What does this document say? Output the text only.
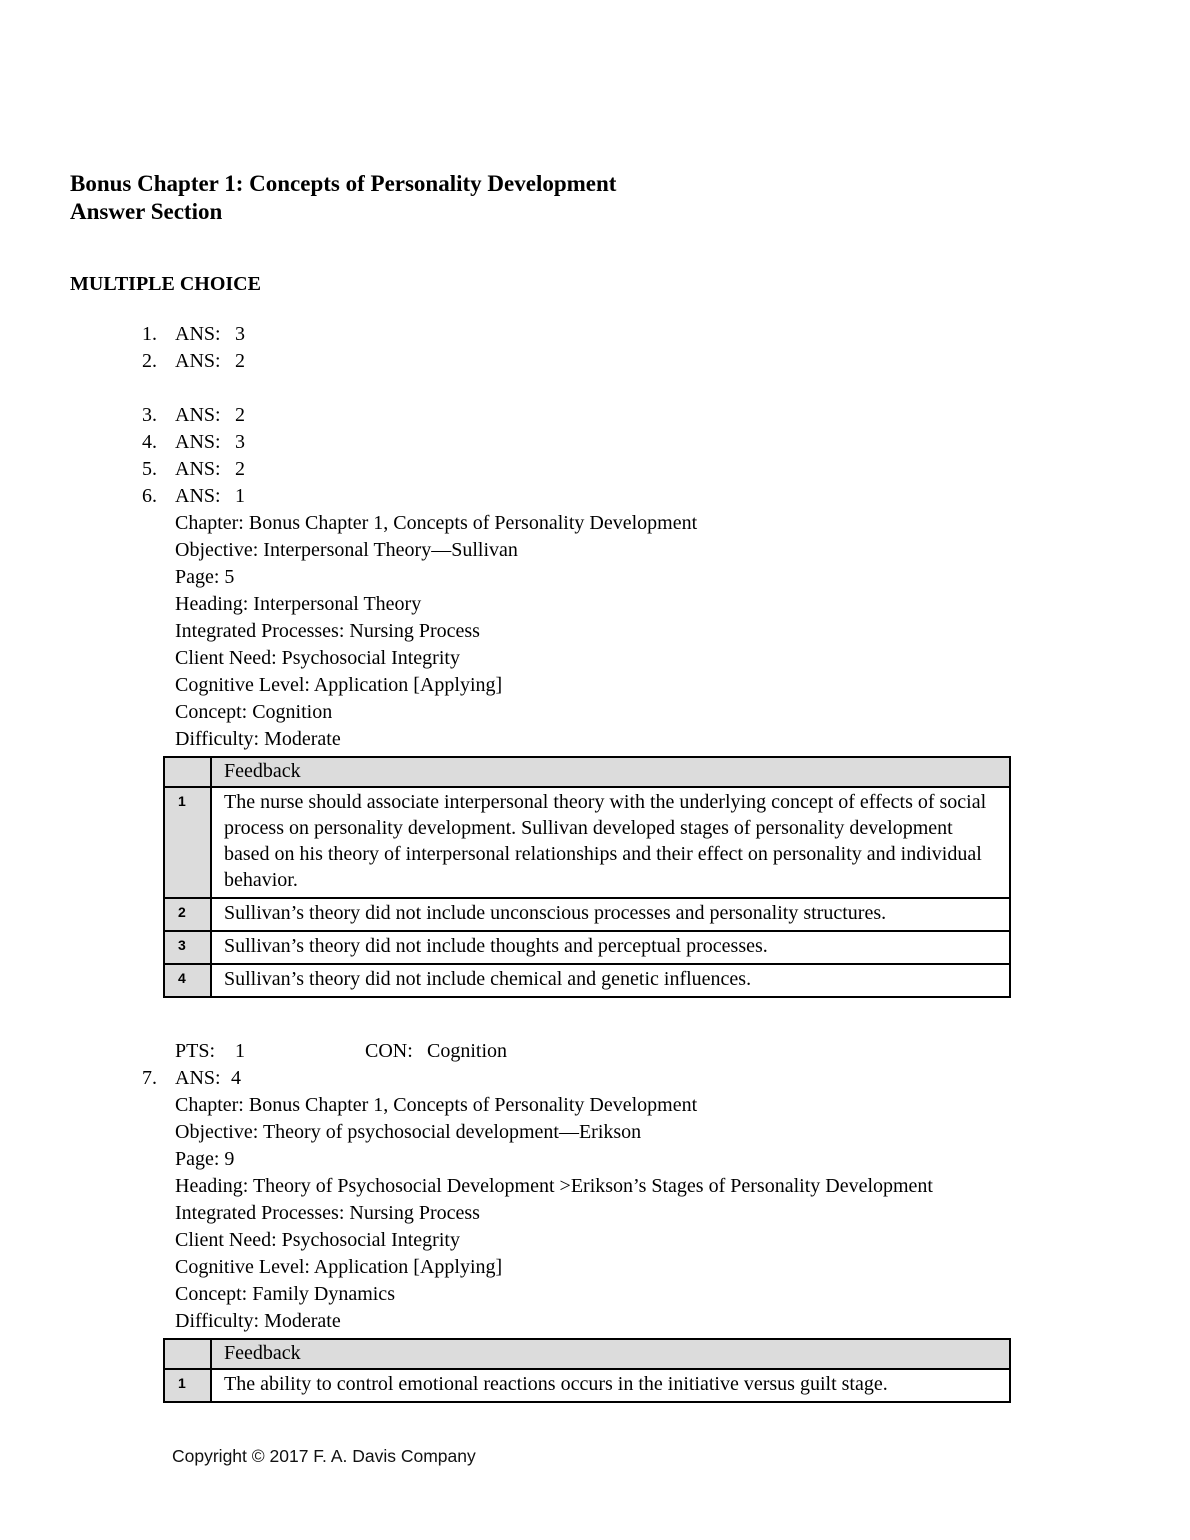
Bonus Chapter 1: Concepts of Personality Development
Answer Section
MULTIPLE CHOICE
1. ANS: 3
2. ANS: 2
3. ANS: 2
4. ANS: 3
5. ANS: 2
6. ANS: 1
Chapter: Bonus Chapter 1, Concepts of Personality Development
Objective: Interpersonal Theory—Sullivan
Page: 5
Heading: Interpersonal Theory
Integrated Processes: Nursing Process
Client Need: Psychosocial Integrity
Cognitive Level: Application [Applying]
Concept: Cognition
Difficulty: Moderate
	Feedback
1	The nurse should associate interpersonal theory with the underlying concept of effects of social process on personality development. Sullivan developed stages of personality development based on his theory of interpersonal relationships and their effect on personality and individual behavior.
2	Sullivan’s theory did not include unconscious processes and personality structures.
3	Sullivan’s theory did not include thoughts and perceptual processes.
4	Sullivan’s theory did not include chemical and genetic influences.
PTS: 1	CON: Cognition
7. ANS: 4
Chapter: Bonus Chapter 1, Concepts of Personality Development
Objective: Theory of psychosocial development—Erikson
Page: 9
Heading: Theory of Psychosocial Development >Erikson’s Stages of Personality Development
Integrated Processes: Nursing Process
Client Need: Psychosocial Integrity
Cognitive Level: Application [Applying]
Concept: Family Dynamics
Difficulty: Moderate
	Feedback
1	The ability to control emotional reactions occurs in the initiative versus guilt stage.
Copyright © 2017 F. A. Davis Company
